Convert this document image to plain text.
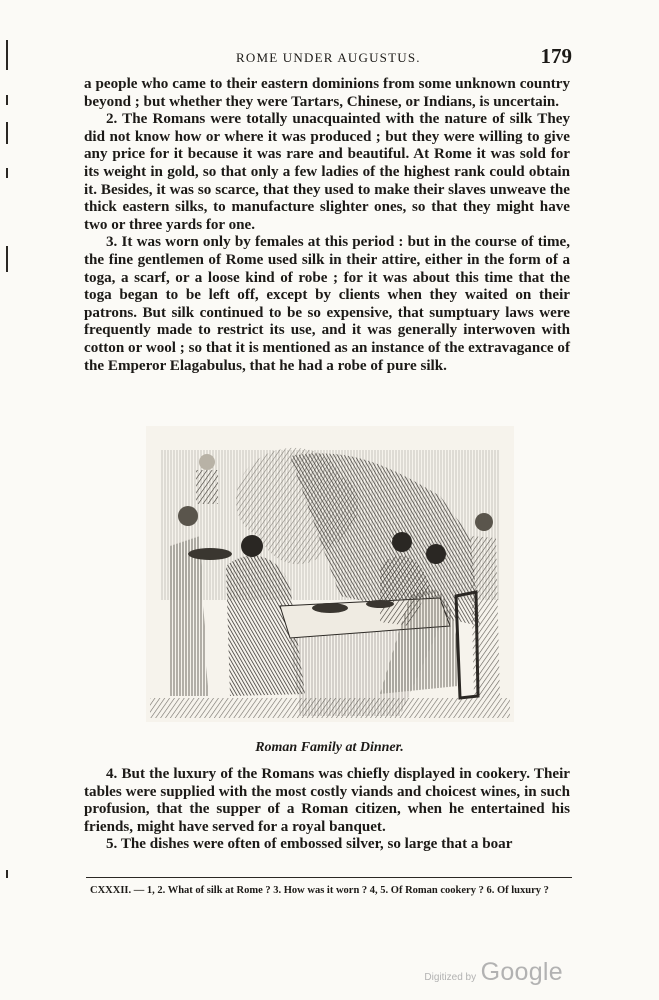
ROME UNDER AUGUSTUS.	179

a people who came to their eastern dominions from some unknown country beyond ; but whether they were Tartars, Chinese, or Indians, is uncertain.

2. The Romans were totally unacquainted with the nature of silk They did not know how or where it was produced ; but they were willing to give any price for it because it was rare and beautiful. At Rome it was sold for its weight in gold, so that only a few ladies of the highest rank could obtain it. Besides, it was so scarce, that they used to make their slaves unweave the thick eastern silks, to manufacture slighter ones, so that they might have two or three yards for one.

3. It was worn only by females at this period : but in the course of time, the fine gentlemen of Rome used silk in their attire, either in the form of a toga, a scarf, or a loose kind of robe ; for it was about this time that the toga began to be left off, except by clients when they waited on their patrons. But silk continued to be so expensive, that sumptuary laws were frequently made to restrict its use, and it was generally interwoven with cotton or wool ; so that it is mentioned as an instance of the extravagance of the Emperor Elagabulus, that he had a robe of pure silk.

Roman Family at Dinner.

4. But the luxury of the Romans was chiefly displayed in cookery. Their tables were supplied with the most costly viands and choicest wines, in such profusion, that the supper of a Roman citizen, when he entertained his friends, might have served for a royal banquet.

5. The dishes were often of embossed silver, so large that a boar

CXXXII. — 1, 2. What of silk at Rome ? 3. How was it worn ? 4, 5. Of Roman cookery ? 6. Of luxury ?
Digitized by Google
